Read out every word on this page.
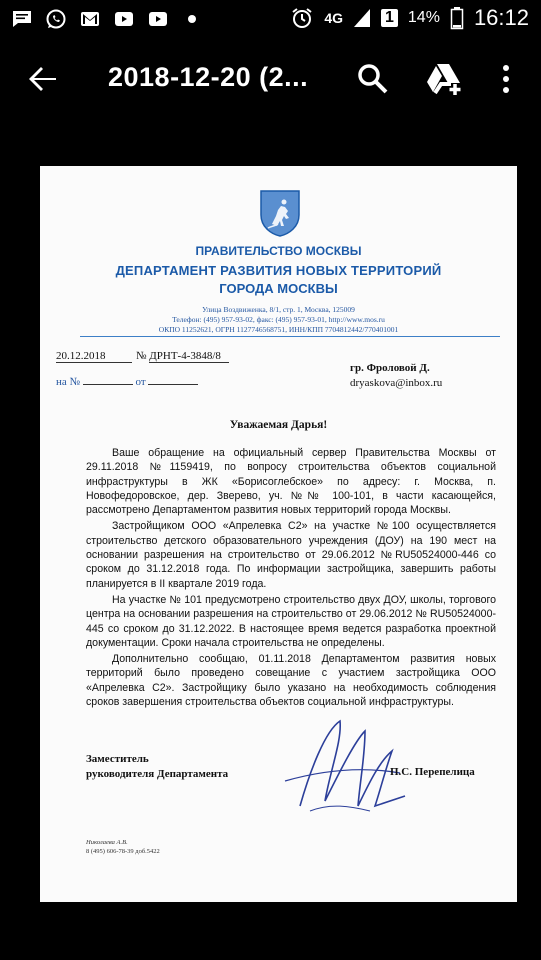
4G	1 14% 16:12
2018-12-20 (2...
ПРАВИТЕЛЬСТВО МОСКВЫ
ДЕПАРТАМЕНТ РАЗВИТИЯ НОВЫХ ТЕРРИТОРИЙ
ГОРОДА МОСКВЫ
Улица Воздвиженка, 8/1, стр. 1, Москва, 125009
Телефон: (495) 957-93-02, факс: (495) 957-93-01, http://www.mos.ru
ОКПО 11252621, ОГРН 1127746568751, ИНН/КПП 7704812442/770401001
20.12.2018	№ ДРНТ-4-3848/8
на №	от
гр. Фроловой Д.
dryaskova@inbox.ru
Уважаемая Дарья!

Ваше обращение на официальный сервер Правительства Москвы от 29.11.2018 №1159419, по вопросу строительства объектов социальной инфраструктуры в ЖК «Борисоглебское» по адресу: г. Москва, п. Новофедоровское, дер. Зверево, уч. №№ 100-101, в части касающейся, рассмотрено Департаментом развития новых территорий города Москвы.

Застройщиком ООО «Апрелевка С2» на участке №100 осуществляется строительство детского образовательного учреждения (ДОУ) на 190 мест на основании разрешения на строительство от 29.06.2012 №RU50524000-446 со сроком до 31.12.2018 года. По информации застройщика, завершить работы планируется в II квартале 2019 года.

На участке № 101 предусмотрено строительство двух ДОУ, школы, торгового центра на основании разрешения на строительство от 29.06.2012 № RU50524000-445 со сроком до 31.12.2022. В настоящее время ведется разработка проектной документации. Сроки начала строительства не определены.

Дополнительно сообщаю, 01.11.2018 Департаментом развития новых территорий было проведено совещание с участием застройщика ООО «Апрелевка С2». Застройщику было указано на необходимость соблюдения сроков завершения строительства объектов социальной инфраструктуры.

Заместитель
руководителя Департамента	П.С. Перепелица
Николаева А.В.
8 (495) 606-78-39 доб.5422
